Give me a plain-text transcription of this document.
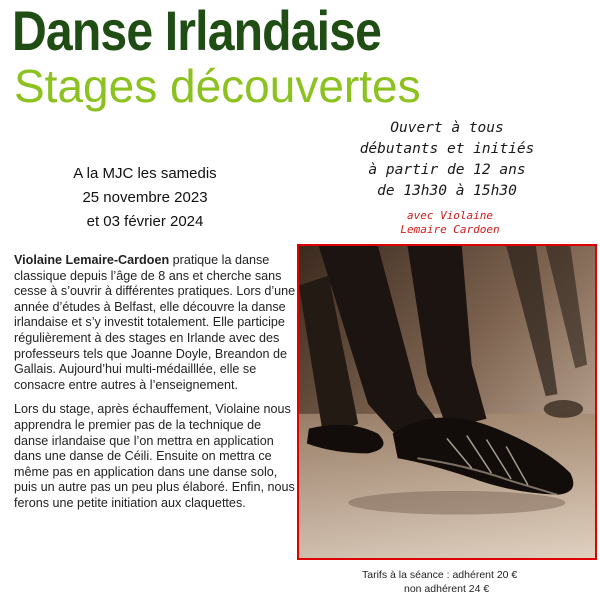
Danse Irlandaise
Stages découvertes
Ouvert à tous
débutants et initiés
à partir de 12 ans
de 13h30 à 15h30
avec Violaine
Lemaire Cardoen
A la MJC les samedis
25 novembre 2023
et 03 février 2024

Violaine Lemaire-Cardoen pratique la danse classique depuis l’âge de 8 ans et cherche sans cesse à s’ouvrir à différentes pratiques. Lors d’une année d’études à Belfast, elle découvre la danse irlandaise et s’y investit totalement. Elle participe régulièrement à des stages en Irlande avec des professeurs tels que Joanne Doyle, Breandon de Gallais. Aujourd’hui multi-médailllée, elle se consacre entre autres à l’enseignement.

Lors du stage, après échauffement, Violaine nous apprendra le premier pas de la technique de danse irlandaise que l’on mettra en application dans une danse de Céili. Ensuite on mettra ce même pas en application dans une danse solo, puis un autre pas un peu plus élaboré. Enfin, nous ferons une petite initiation aux claquettes.

Tarifs à la séance : adhérent 20 €
non adhérent 24 €
